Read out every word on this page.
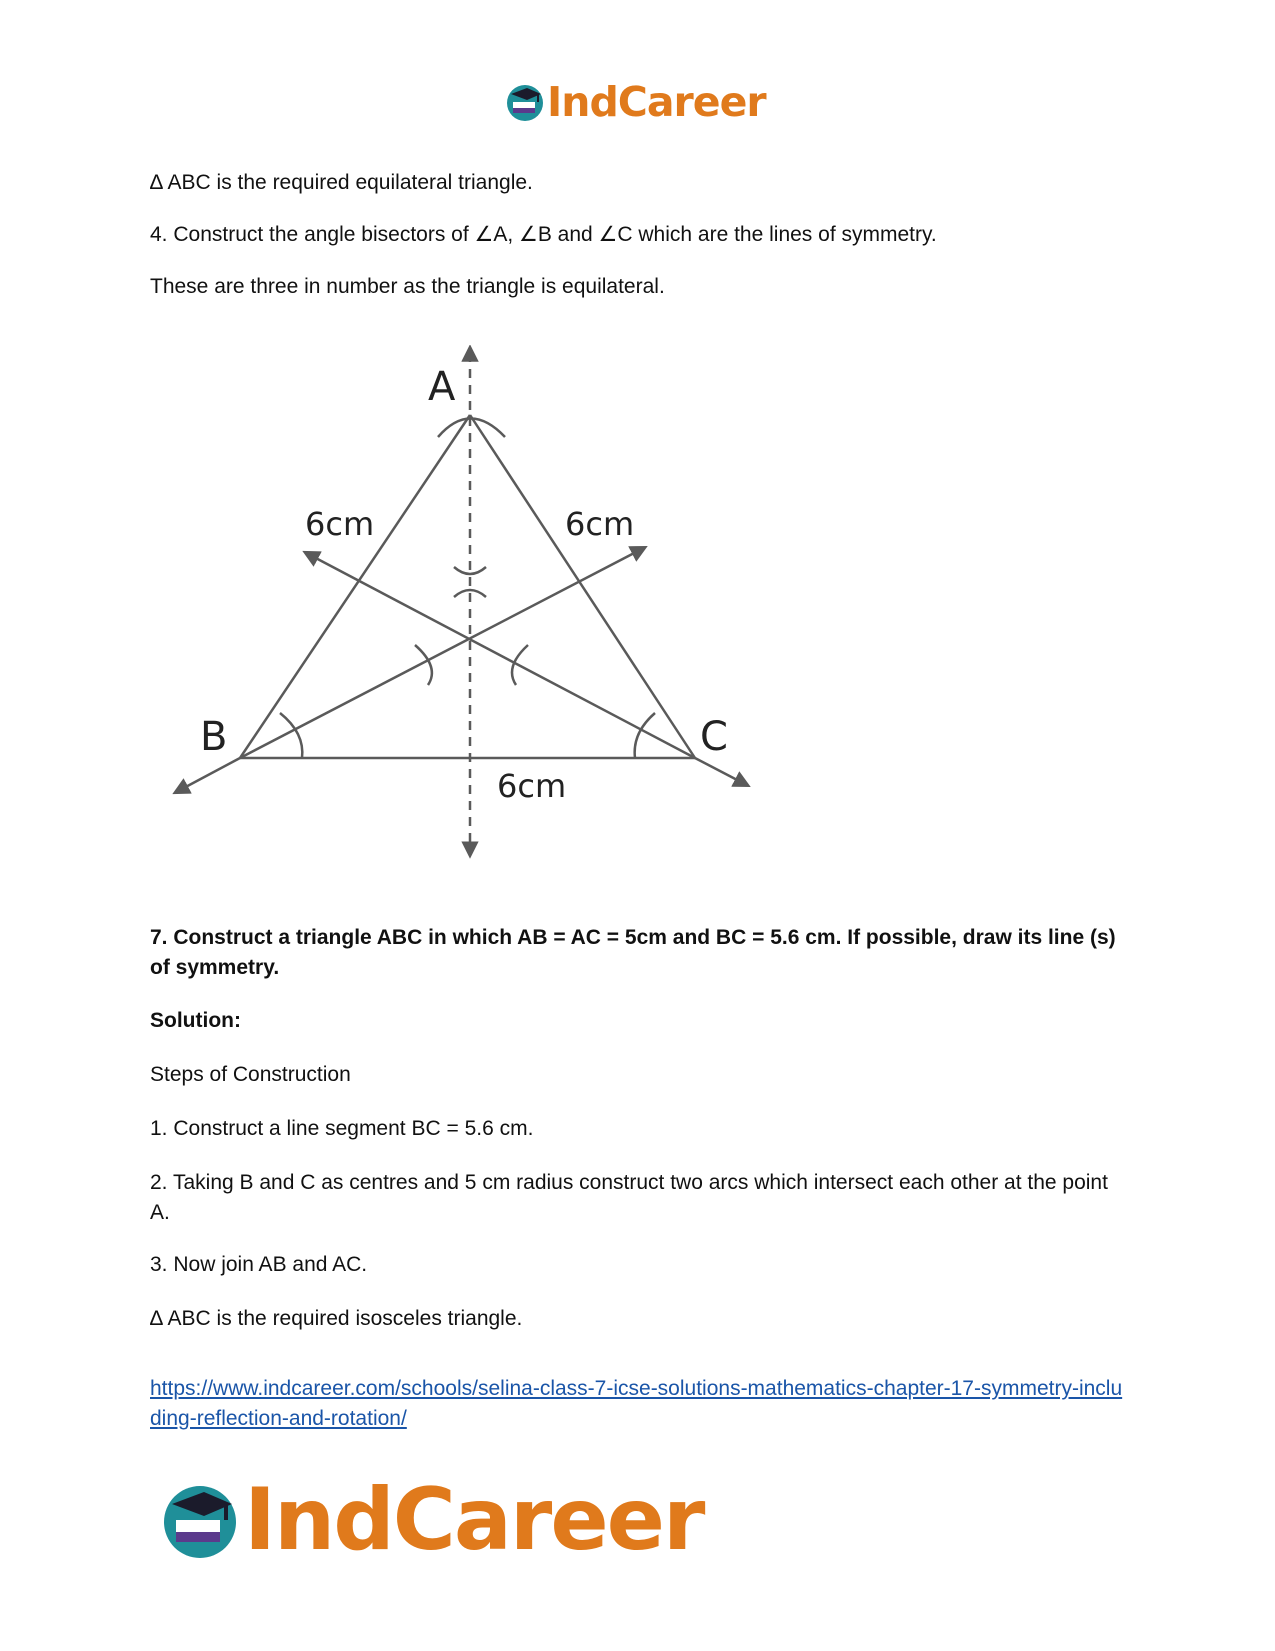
IndCareer

∆ ABC is the required equilateral triangle.

4. Construct the angle bisectors of ∠A, ∠B and ∠C which are the lines of symmetry.

These are three in number as the triangle is equilateral.

A
B	C
6cm	6cm
6cm

7. Construct a triangle ABC in which AB = AC = 5cm and BC = 5.6 cm. If possible, draw its line (s) of symmetry.

Solution:

Steps of Construction

1. Construct a line segment BC = 5.6 cm.

2. Taking B and C as centres and 5 cm radius construct two arcs which intersect each other at the point A.

3. Now join AB and AC.

∆ ABC is the required isosceles triangle.

https://www.indcareer.com/schools/selina-class-7-icse-solutions-mathematics-chapter-17-symmetry-including-reflection-and-rotation/

IndCareer
